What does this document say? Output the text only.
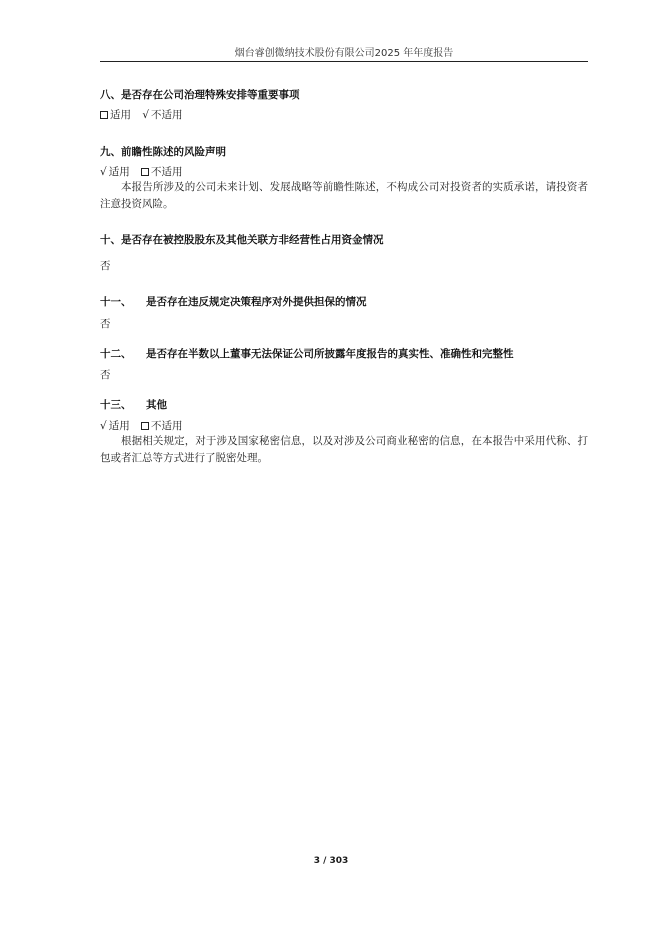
烟台睿创微纳技术股份有限公司2025 年年度报告
八、是否存在公司治理特殊安排等重要事项
适用 √ 不适用
九、前瞻性陈述的风险声明
√ 适用 不适用
本报告所涉及的公司未来计划、发展战略等前瞻性陈述，不构成公司对投资者的实质承诺，请投资者注意投资风险。
十、是否存在被控股股东及其他关联方非经营性占用资金情况
否
十一、 是否存在违反规定决策程序对外提供担保的情况
否
十二、 是否存在半数以上董事无法保证公司所披露年度报告的真实性、准确性和完整性
否
十三、 其他
√ 适用 不适用
根据相关规定，对于涉及国家秘密信息，以及对涉及公司商业秘密的信息，在本报告中采用代称、打包或者汇总等方式进行了脱密处理。
3 / 303
